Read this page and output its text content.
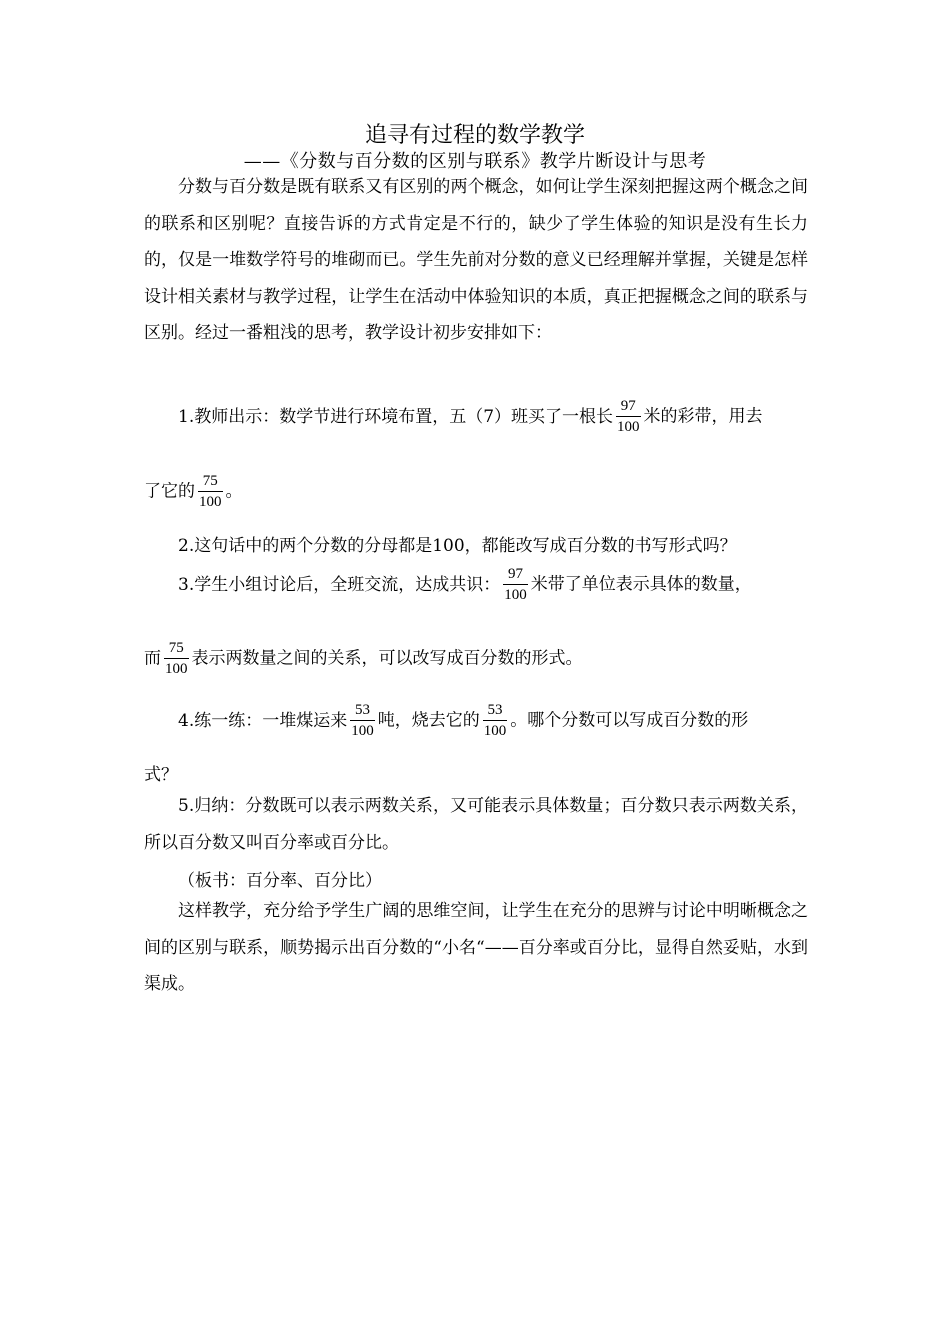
追寻有过程的数学教学
——《分数与百分数的区别与联系》教学片断设计与思考

分数与百分数是既有联系又有区别的两个概念，如何让学生深刻把握这两个概念之间的联系和区别呢？直接告诉的方式肯定是不行的，缺少了学生体验的知识是没有生长力的，仅是一堆数学符号的堆砌而已。学生先前对分数的意义已经理解并掌握，关键是怎样设计相关素材与教学过程，让学生在活动中体验知识的本质，真正把握概念之间的联系与区别。经过一番粗浅的思考，教学设计初步安排如下：

1.教师出示：数学节进行环境布置，五（7）班买了一根长 $\frac{97}{100}$ 米的彩带，用去
了它的 $\frac{75}{100}$ 。
2.这句话中的两个分数的分母都是100，都能改写成百分数的书写形式吗？
3.学生小组讨论后，全班交流，达成共识： $\frac{97}{100}$ 米带了单位表示具体的数量，
而 $\frac{75}{100}$ 表示两数量之间的关系，可以改写成百分数的形式。
4.练一练：一堆煤运来 $\frac{53}{100}$ 吨，烧去它的 $\frac{53}{100}$ 。哪个分数可以写成百分数的形
式？

5.归纳：分数既可以表示两数关系，又可能表示具体数量；百分数只表示两数关系，所以百分数又叫百分率或百分比。

（板书：百分率、百分比）

这样教学，充分给予学生广阔的思维空间，让学生在充分的思辨与讨论中明晰概念之间的区别与联系，顺势揭示出百分数的“小名“——百分率或百分比，显得自然妥贴，水到渠成。
